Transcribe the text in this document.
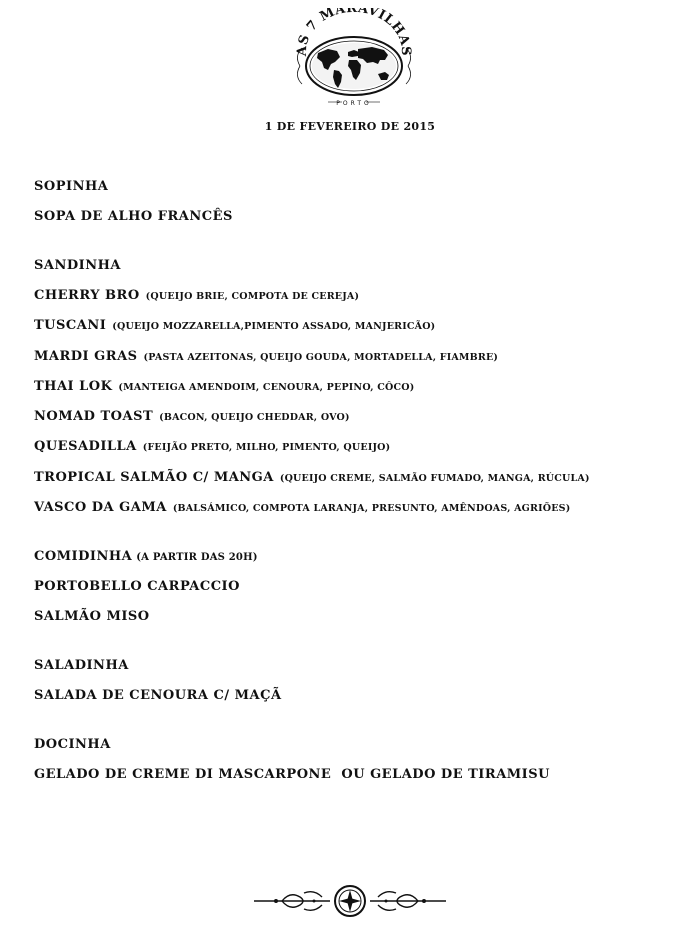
AS 7 MARAVILHAS
PORTO
1 DE FEVEREIRO DE 2015
SOPINHA
SOPA DE ALHO FRANCÊS
SANDINHA
CHERRY BRO (QUEIJO BRIE, COMPOTA DE CEREJA)
TUSCANI (QUEIJO MOZZARELLA,PIMENTO ASSADO, MANJERICÃO)
MARDI GRAS (PASTA AZEITONAS, QUEIJO GOUDA, MORTADELLA, FIAMBRE)
THAI LOK (MANTEIGA AMENDOIM, CENOURA, PEPINO, CÔCO)
NOMAD TOAST (BACON, QUEIJO CHEDDAR, OVO)
QUESADILLA (FEIJÃO PRETO, MILHO, PIMENTO, QUEIJO)
TROPICAL SALMÃO C/ MANGA (QUEIJO CREME, SALMÃO FUMADO, MANGA, RÚCULA)
VASCO DA GAMA (BALSÁMICO, COMPOTA LARANJA, PRESUNTO, AMÊNDOAS, AGRIÕES)
COMIDINHA (A PARTIR DAS 20H)
PORTOBELLO CARPACCIO
SALMÃO MISO
SALADINHA
SALADA DE CENOURA C/ MAÇÃ
DOCINHA
GELADO DE CREME DI MASCARPONE  OU GELADO DE TIRAMISU
